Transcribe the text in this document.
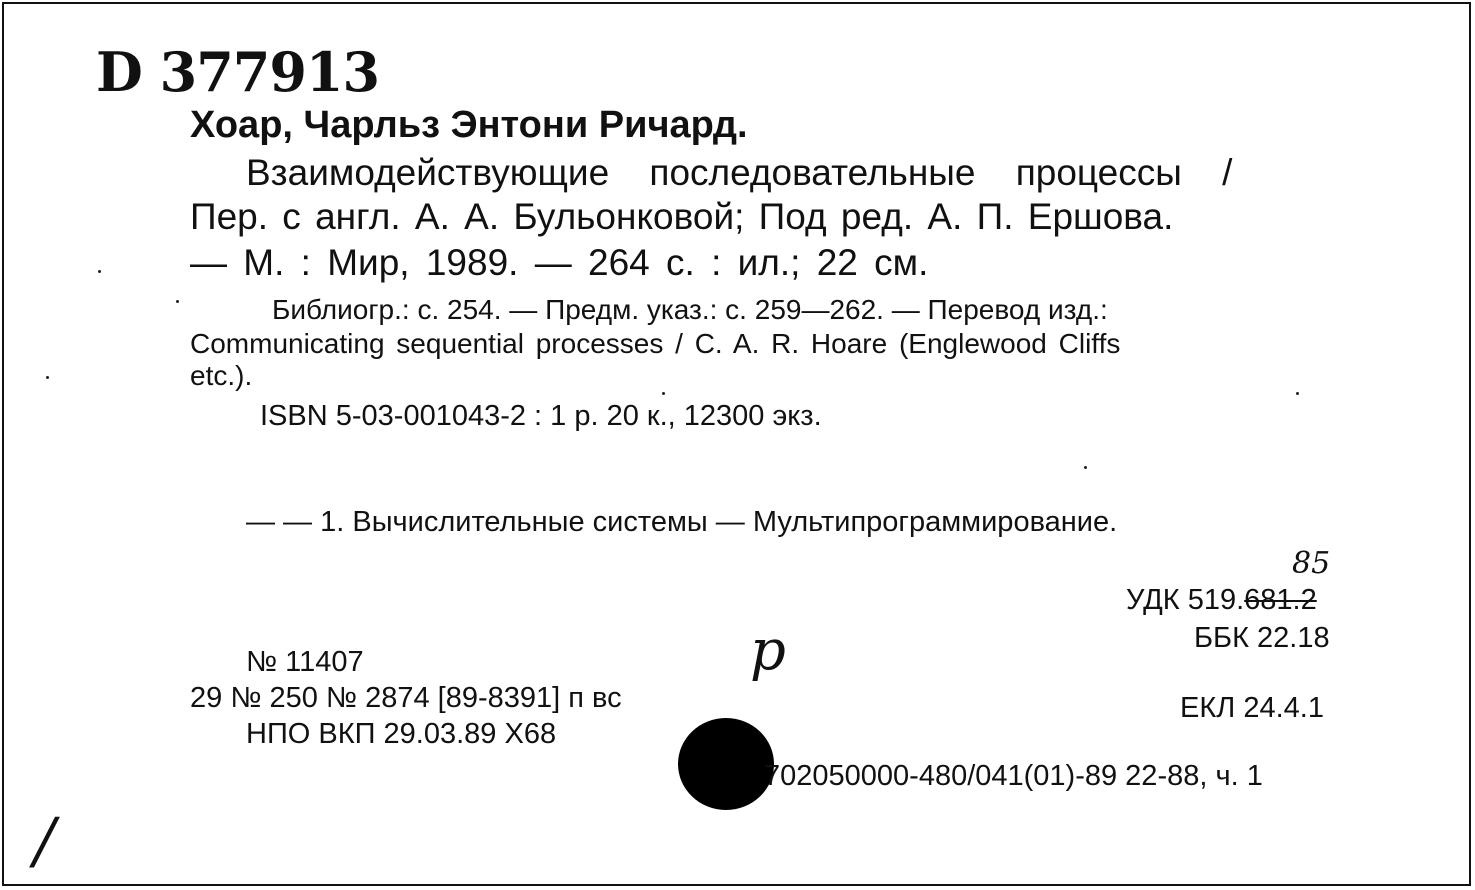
D 377913
Хоар, Чарльз Энтони Ричард.
Взаимодействующие последовательные процессы /
Пер. с англ. А. А. Бульонковой; Под ред. А. П. Ершова.
— М. : Мир, 1989. — 264 с. : ил.; 22 см.
Библиогр.: с. 254. — Предм. указ.: с. 259—262. — Перевод изд.:
Communicating sequential processes / C. A. R. Hoare (Englewood Cliffs
etc.).
ISBN 5-03-001043-2 : 1 р. 20 к., 12300 экз.
— — 1. Вычислительные системы — Мультипрограммирование.
85
УДК 519.681.2
ББК 22.18
р
№ 11407
29 № 250 № 2874 [89-8391] п вс	ЕКЛ 24.4.1
НПО ВКП 29.03.89 X68
702050000-480/041(01)-89 22-88, ч. 1
/
